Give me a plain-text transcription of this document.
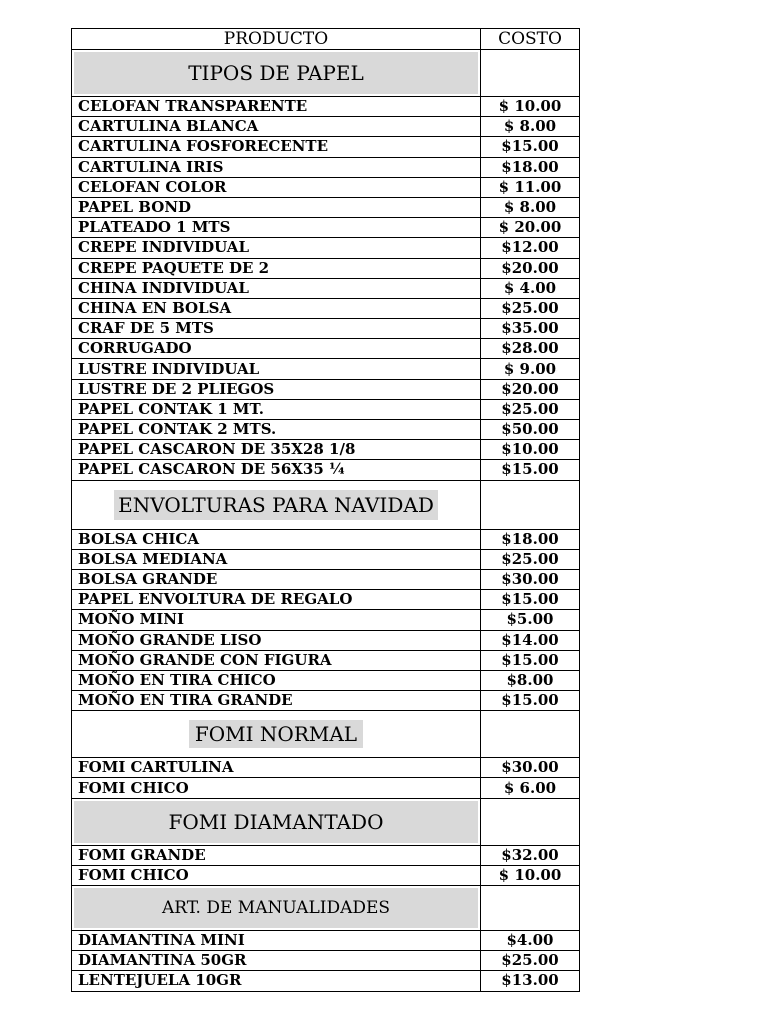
PRODUCTO	COSTO

TIPOS DE PAPEL	

CELOFAN TRANSPARENTE	$ 10.00
CARTULINA BLANCA	$ 8.00
CARTULINA FOSFORECENTE	$15.00
CARTULINA IRIS	$18.00
CELOFAN COLOR	$ 11.00
PAPEL BOND	$ 8.00
PLATEADO 1 MTS	$ 20.00
CREPE INDIVIDUAL	$12.00
CREPE PAQUETE DE 2	$20.00
CHINA INDIVIDUAL	$ 4.00
CHINA EN BOLSA	$25.00
CRAF DE 5 MTS	$35.00
CORRUGADO	$28.00
LUSTRE INDIVIDUAL	$ 9.00
LUSTRE DE 2 PLIEGOS	$20.00
PAPEL CONTAK 1 MT.	$25.00
PAPEL CONTAK 2 MTS.	$50.00
PAPEL CASCARON DE 35X28 1/8	$10.00
PAPEL CASCARON DE 56X35 ¼	$15.00

ENVOLTURAS PARA NAVIDAD	

BOLSA CHICA	$18.00
BOLSA MEDIANA	$25.00
BOLSA GRANDE	$30.00
PAPEL ENVOLTURA DE REGALO	$15.00
MOÑO MINI	$5.00
MOÑO GRANDE LISO	$14.00
MOÑO GRANDE CON FIGURA	$15.00
MOÑO EN TIRA CHICO	$8.00
MOÑO EN TIRA GRANDE	$15.00

FOMI NORMAL	

FOMI CARTULINA	$30.00
FOMI CHICO	$ 6.00

FOMI DIAMANTADO	

FOMI GRANDE	$32.00
FOMI CHICO	$ 10.00

ART. DE MANUALIDADES	

DIAMANTINA MINI	$4.00
DIAMANTINA 50GR	$25.00
LENTEJUELA 10GR	$13.00
